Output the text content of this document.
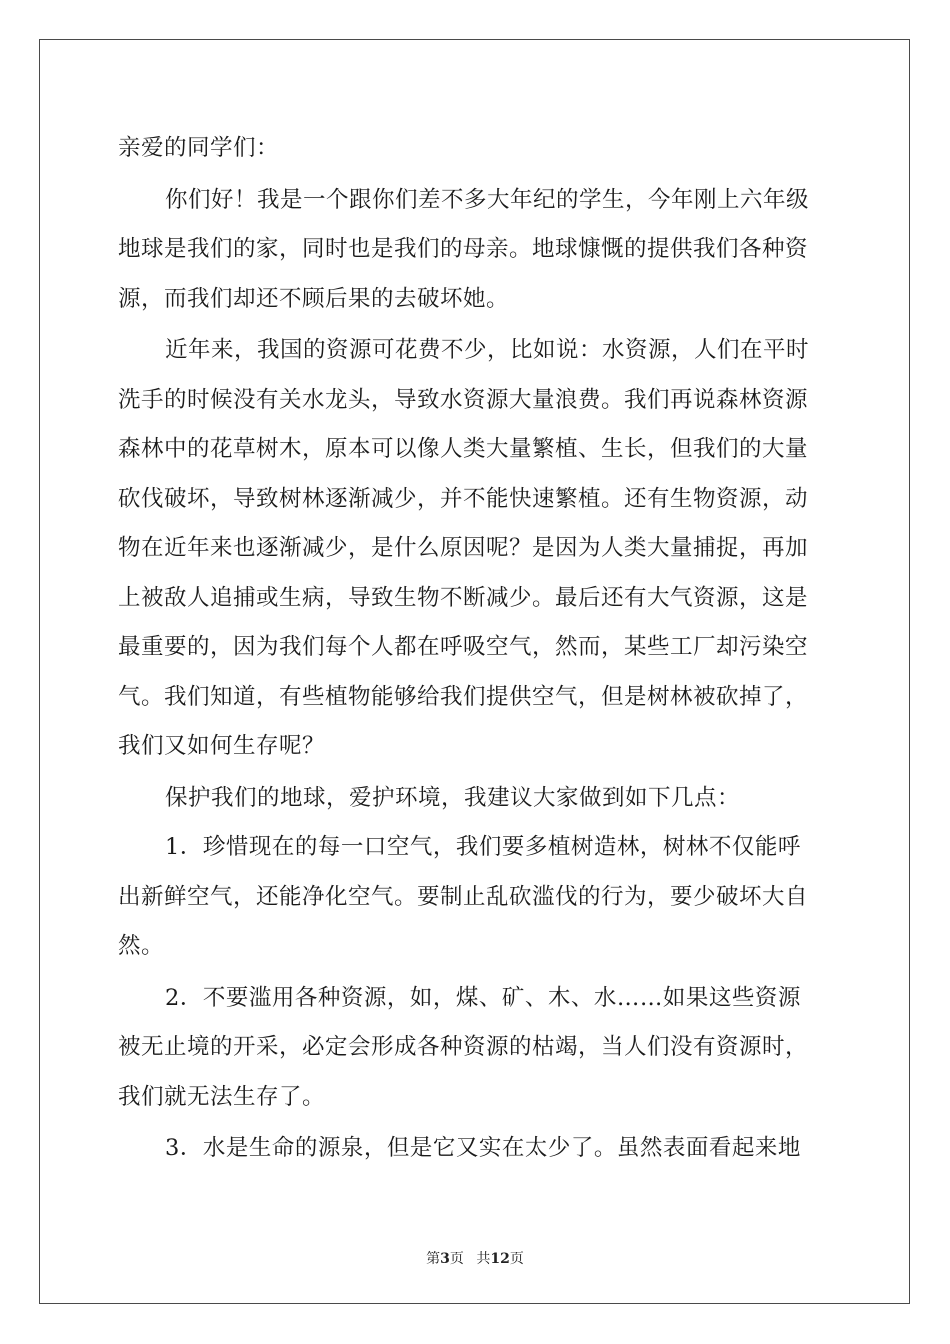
亲爱的同学们：
你们好！我是一个跟你们差不多大年纪的学生，今年刚上六年级
地球是我们的家，同时也是我们的母亲。地球慷慨的提供我们各种资
源，而我们却还不顾后果的去破坏她。
近年来，我国的资源可花费不少，比如说：水资源，人们在平时
洗手的时候没有关水龙头，导致水资源大量浪费。我们再说森林资源
森林中的花草树木，原本可以像人类大量繁植、生长，但我们的大量
砍伐破坏，导致树林逐渐减少，并不能快速繁植。还有生物资源，动
物在近年来也逐渐减少，是什么原因呢？是因为人类大量捕捉，再加
上被敌人追捕或生病，导致生物不断减少。最后还有大气资源，这是
最重要的，因为我们每个人都在呼吸空气，然而，某些工厂却污染空
气。我们知道，有些植物能够给我们提供空气，但是树林被砍掉了，
我们又如何生存呢？
保护我们的地球，爱护环境，我建议大家做到如下几点：
1．珍惜现在的每一口空气，我们要多植树造林，树林不仅能呼
出新鲜空气，还能净化空气。要制止乱砍滥伐的行为，要少破坏大自
然。
2．不要滥用各种资源，如，煤、矿、木、水……如果这些资源
被无止境的开采，必定会形成各种资源的枯竭，当人们没有资源时，
我们就无法生存了。
3．水是生命的源泉，但是它又实在太少了。虽然表面看起来地
第3页 共12页
